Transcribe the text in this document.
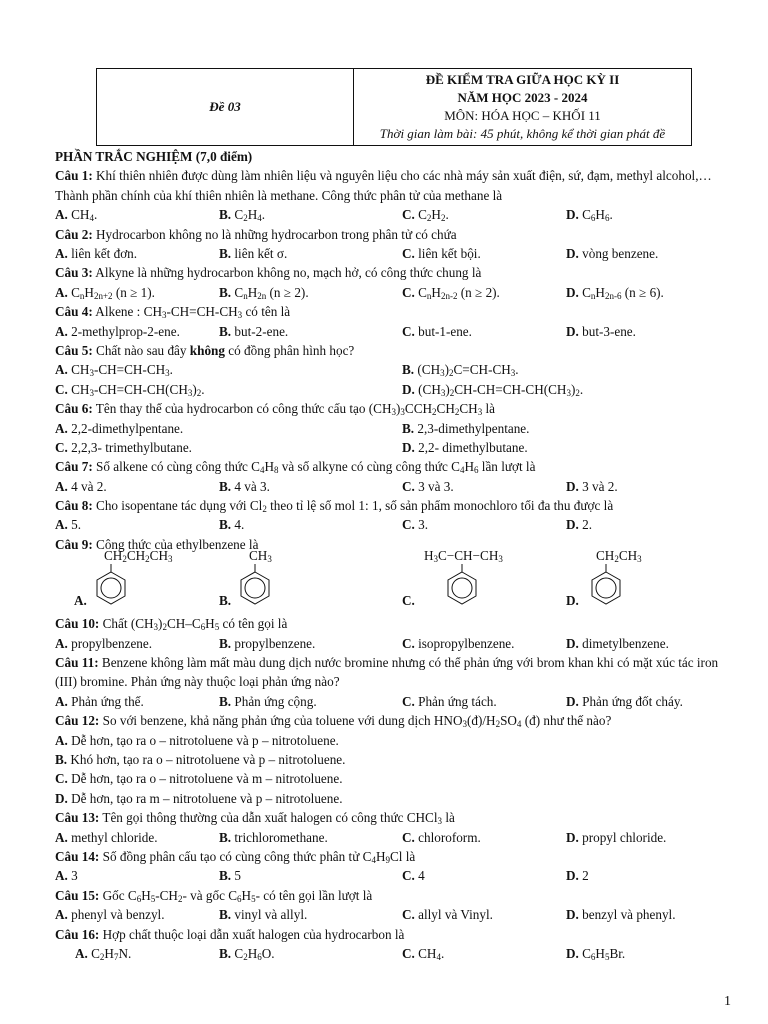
Đề 03
ĐỀ KIỂM TRA GIỮA HỌC KỲ II
NĂM HỌC 2023 - 2024
MÔN: HÓA HỌC – KHỐI 11
Thời gian làm bài: 45 phút, không kể thời gian phát đề
PHẦN TRẮC NGHIỆM (7,0 điểm)
Câu 1: Khí thiên nhiên được dùng làm nhiên liệu và nguyên liệu cho các nhà máy sản xuất điện, sứ, đạm, methyl alcohol,…Thành phần chính của khí thiên nhiên là methane. Công thức phân tử của methane là
A. $CH_4$.	B. $C_2H_4$.	C. $C_2H_2$.	D. $C_6H_6$.
Câu 2: Hydrocarbon không no là những hydrocarbon trong phân tử có chứa
A. liên kết đơn.	B. liên kết σ.	C. liên kết bội.	D. vòng benzene.
Câu 3: Alkyne là những hydrocarbon không no, mạch hở, có công thức chung là
A. $C_nH_{2n+2}$ (n ≥ 1).	B. $C_nH_{2n}$ (n ≥ 2).	C. $C_nH_{2n-2}$ (n ≥ 2).	D. $C_nH_{2n-6}$ (n ≥ 6).
Câu 4: Alkene : $CH_3-CH=CH-CH_3$ có tên là
A. 2-methylprop-2-ene.	B. but-2-ene.	C. but-1-ene.	D. but-3-ene.
Câu 5: Chất nào sau đây không có đồng phân hình học?
A. $CH_3-CH=CH-CH_3$.	B. $(CH_3)_2C=CH-CH_3$.
C. $CH_3-CH=CH-CH(CH_3)_2$.	D. $(CH_3)_2CH-CH=CH-CH(CH_3)_2$.
Câu 6: Tên thay thế của hydrocarbon có công thức cấu tạo $(CH_3)_3CCH_2CH_2CH_3$ là
A. 2,2-dimethylpentane.	B. 2,3-dimethylpentane.
C. 2,2,3- trimethylbutane.	D. 2,2- dimethylbutane.
Câu 7: Số alkene có cùng công thức $C_4H_8$ và số alkyne có cùng công thức $C_4H_6$ lần lượt là
A. 4 và 2.	B. 4 và 3.	C. 3 và 3.	D. 3 và 2.
Câu 8: Cho isopentane tác dụng với $Cl_2$ theo tỉ lệ số mol 1: 1, số sản phẩm monochloro tối đa thu được là
A. 5.	B. 4.	C. 3.	D. 2.
Câu 9: Công thức của ethylbenzene là
A.
$CH_2CH_2CH_3$
B.
$CH_3$
C.
$H_3C-CH-CH_3$
D.
$CH_2CH_3$
Câu 10: Chất $(CH_3)_2CH-C_6H_5$ có tên gọi là
A. propylbenzene.	B. propylbenzene.	C. isopropylbenzene.	D. dimetylbenzene.
Câu 11: Benzene không làm mất màu dung dịch nước bromine nhưng có thể phản ứng với brom khan khi có mặt xúc tác iron (III) bromine. Phản ứng này thuộc loại phản ứng nào?
A. Phản ứng thế.	B. Phản ứng cộng.	C. Phản ứng tách.	D. Phản ứng đốt cháy.
Câu 12: So với benzene, khả năng phản ứng của toluene với dung dịch $HNO_3(đ)/H_2SO_4$ (đ) như thế nào?
A. Dễ hơn, tạo ra o – nitrotoluene và p – nitrotoluene.
B. Khó hơn, tạo ra o – nitrotoluene và p – nitrotoluene.
C. Dễ hơn, tạo ra o – nitrotoluene và m – nitrotoluene.
D. Dễ hơn, tạo ra m – nitrotoluene và p – nitrotoluene.
Câu 13: Tên gọi thông thường của dẫn xuất halogen có công thức CHCl$_3$ là
A. methyl chloride.	B. trichloromethane.	C. chloroform.	D. propyl chloride.
Câu 14: Số đồng phân cấu tạo có cùng công thức phân tử $C_4H_9Cl$ là
A. 3	B. 5	C. 4	D. 2
Câu 15: Gốc $C_6H_5-CH_2-$ và gốc $C_6H_5-$ có tên gọi lần lượt là
A. phenyl và benzyl.	B. vinyl và allyl.	C. allyl và Vinyl.	D. benzyl và phenyl.
Câu 16: Hợp chất thuộc loại dẫn xuất halogen của hydrocarbon là
A. $C_2H_7N$.	B. $C_2H_6O$.	C. $CH_4$.	D. $C_6H_5Br$.
1
